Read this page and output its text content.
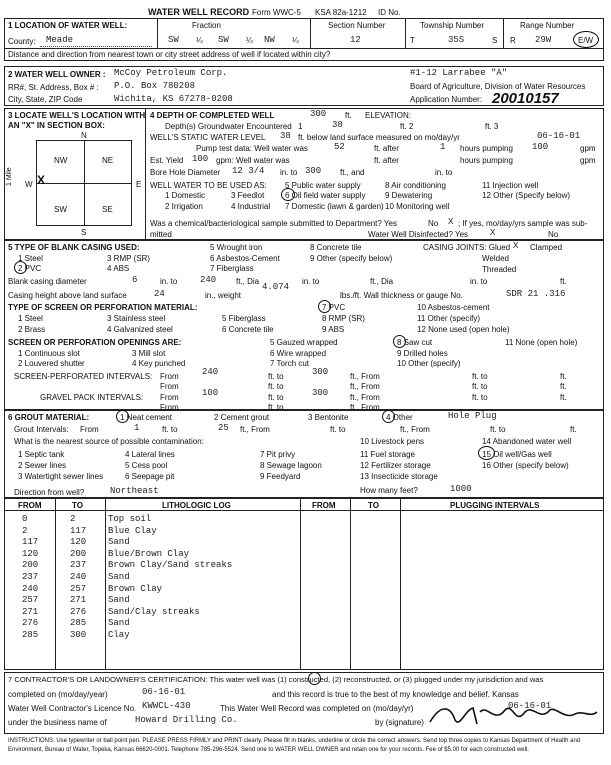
WATER WELL RECORD Form WWC-5 KSA 82a-1212 ID No.
1 LOCATION OF WATER WELL:
County: Meade
Fraction
SW ¼ SW ¼ NW ¼
Section Number
12
Township Number
T	35S	S
Range Number
R 29W	E/W
Distance and direction from nearest town or city street address of well if located within city?
2 WATER WELL OWNER : McCoy Petroleum Corp.
RR#, St. Address, Box # : P.O. Box 780208
City, State, ZIP Code	Wichita, KS 67278-0208
#1-12 Larrabee "A"
Board of Agriculture, Division of Water Resources
Application Number: 20010157
3 LOCATE WELL'S LOCATION WITH
AN "X" IN SECTION BOX:
N
S
E
W
NW	NE
SW	SE
1 Mile X
4 DEPTH OF COMPLETED WELL	300 ft. ELEVATION:
Depth(s) Groundwater Encountered 1	38	ft. 2	ft. 3
WELL'S STATIC WATER LEVEL 38 ft. below land surface measured on mo/day/yr	06-16-01
Pump test data: Well water was	52	ft. after	1 hours pumping 100	gpm
Est. Yield 100 gpm: Well water was	ft. after	hours pumping	gpm
Bore Hole Diameter 12 3/4 in. to 300 ft., and	in. to
WELL WATER TO BE USED AS:
1 Domestic
2 Irrigation
3 Feedlot
4 Industrial
5 Public water supply
6 Oil field water supply
7 Domestic (lawn & garden)
8 Air conditioning
9 Dewatering
10 Monitoring well
11 Injection well
12 Other (Specify below)
Was a chemical/bacteriological sample submitted to Department? Yes	No X ; If yes, mo/day/yrs sample was sub-
mitted	Water Well Disinfected? Yes X	No
5 TYPE OF BLANK CASING USED:
1 Steel
2 PVC
3 RMP (SR)
4 ABS
5 Wrought iron
6 Asbestos-Cement
7 Fiberglass
8 Concrete tile
9 Other (specify below)
CASING JOINTS: Glued X Clamped
Welded
Threaded
Blank casing diameter	6	in. to	240 ft., Dia	in. to	ft., Dia	in. to	ft.
4.074
Casing height above land surface	24	in., weight	lbs./ft. Wall thickness or gauge No.	SDR 21 .316
TYPE OF SCREEN OR PERFORATION MATERIAL:
1 Steel
2 Brass
3 Stainless steel
4 Galvanized steel
5 Fiberglass
6 Concrete tile
7 PVC
8 RMP (SR)
9 ABS
10 Asbestos-cement
11 Other (specify)
12 None used (open hole)
SCREEN OR PERFORATION OPENINGS ARE:
1 Continuous slot
2 Louvered shutter
3 Mill slot
4 Key punched
5 Gauzed wrapped
6 Wire wrapped
7 Torch cut
8 Saw cut
9 Drilled holes
10 Other (specify)
11 None (open hole)
SCREEN-PERFORATED INTERVALS: From	240	ft. to	300	ft., From	ft. to	ft.
From	ft. to	ft., From	ft. to	ft.
GRAVEL PACK INTERVALS: From	100	ft. to	300	ft., From	ft. to	ft.
From	ft. to	ft., From
6 GROUT MATERIAL:	1 Neat cement	2 Cement grout	3 Bentonite	4 Other	Hole Plug
Grout Intervals: From	1	ft. to	25 ft., From	ft. to	ft., From	ft. to	ft.
What is the nearest source of possible contamination:
1 Septic tank
2 Sewer lines
3 Watertight sewer lines
4 Lateral lines
5 Cess pool
6 Seepage pit
7 Pit privy
8 Sewage lagoon
9 Feedyard
10 Livestock pens
11 Fuel storage
12 Fertilizer storage
13 Insecticide storage
14 Abandoned water well
15 Oil well/Gas well
16 Other (specify below)
Direction from well?	Northeast	How many feet?	1000
FROM	TO	LITHOLOGIC LOG	FROM	TO	PLUGGING INTERVALS
0	2	Top soil
2	117 Blue Clay
117	120 Sand
120	200 Blue/Brown Clay
200	237 Brown Clay/Sand streaks
237	240 Sand
240	257 Brown Clay
257	271 Sand
271	276 Sand/Clay streaks
276	285 Sand
285	300 Clay
7 CONTRACTOR'S OR LANDOWNER'S CERTIFICATION: This water well was (1) constructed, (2) reconstructed, or (3) plugged under my jurisdiction and was
completed on (mo/day/year)	06-16-01	and this record is true to the best of my knowledge and belief. Kansas
Water Well Contractor's Licence No. KWWCL-430	This Water Well Record was completed on (mo/day/yr)	06-16-01
under the business name of	Howard Drilling Co.	by (signature)
INSTRUCTIONS: Use typewriter or ball point pen. PLEASE PRESS FIRMLY and PRINT clearly. Please fill in blanks, underline or circle the correct answers. Send top three copies to Kansas Department of Health and
Environment, Bureau of Water, Topeka, Kansas 66620-0001. Telephone 785-296-5524. Send one to WATER WELL OWNER and retain one for your records. Fee of $5.00 for each constructed well.
